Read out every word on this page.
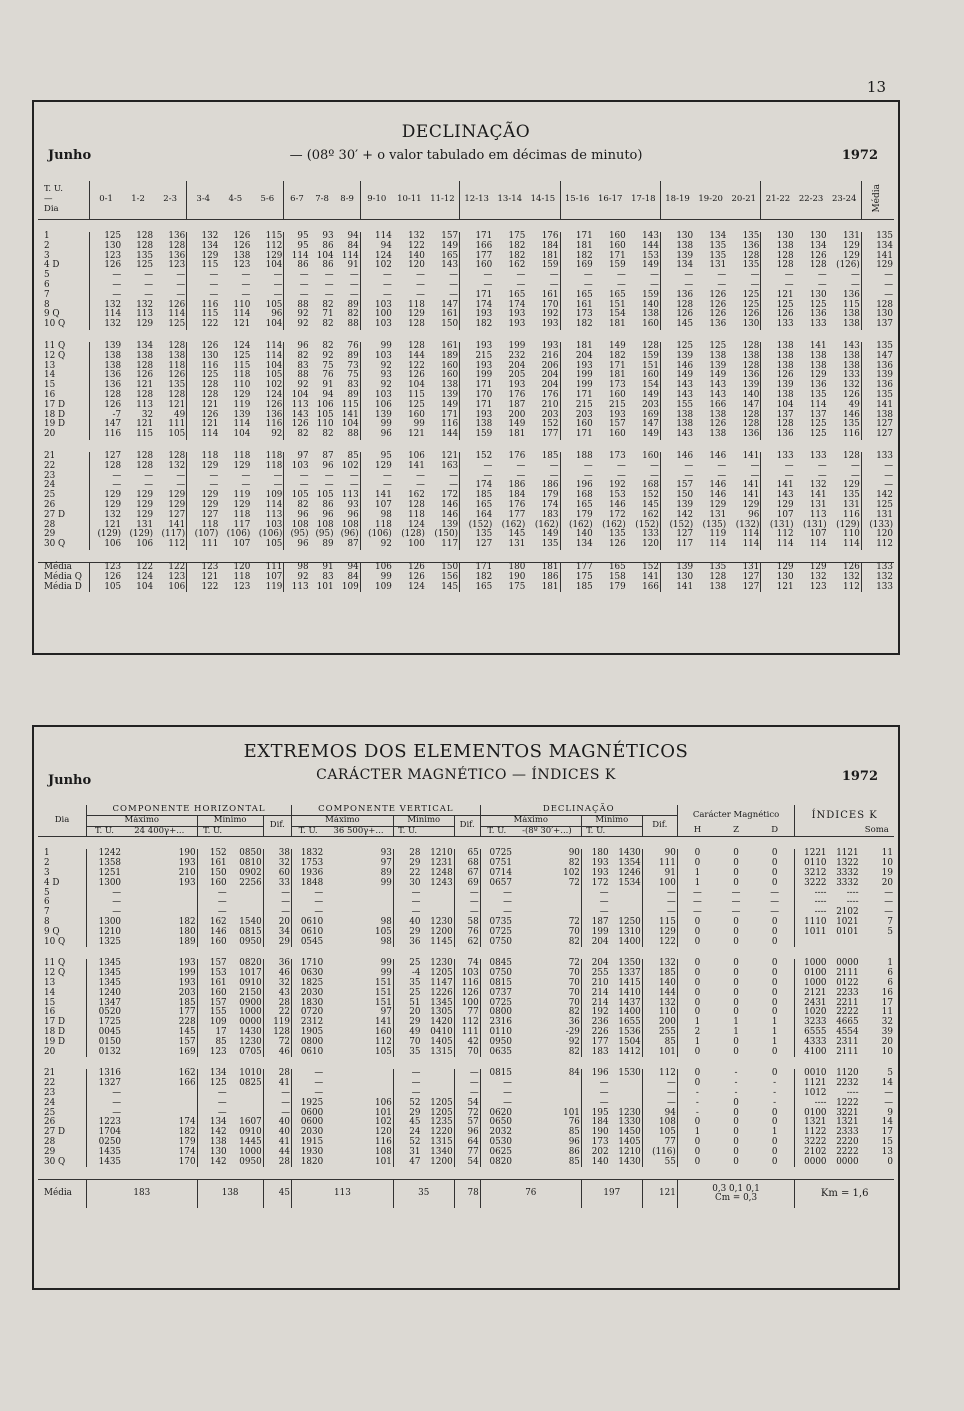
13
DECLINAÇÃO
Junho	— (08º 30′ + o valor tabulado em décimas de minuto)	1972
T. U.
—
Dia	0-1	1-2	2-3	3-4	4-5	5-6	6-7	7-8	8-9	9-10	10-11	11-12	12-13	13-14	14-15	15-16	16-17	17-18	18-19	19-20	20-21	21-22	22-23	23-24	Média

1	125	128	136	132	126	115	95	93	94	114	132	157	171	175	176	171	160	143	130	134	135	130	130	131	135
2	130	128	128	134	126	112	95	86	84	94	122	149	166	182	184	181	160	144	138	135	136	138	134	129	134
3	123	135	136	129	138	129	114	104	114	124	140	165	177	182	181	182	171	153	139	135	128	128	126	129	141
4 D	126	125	123	115	123	104	86	86	91	102	120	143	160	162	159	169	159	149	134	131	135	128	128	(126)	129
5	—	—	—	—	—	—	—	—	—	—	—	—	—	—	—	—	—	—	—	—	—	—	—	—	—
6	—	—	—	—	—	—	—	—	—	—	—	—	—	—	—	—	—	—	—	—	—	—	—	—	—
7	—	—	—	—	—	—	—	—	—	—	—	—	171	165	161	165	165	159	136	126	125	121	130	136	—
8	132	132	126	116	110	105	88	82	89	103	118	147	174	174	170	161	151	140	128	126	125	125	125	115	128
9 Q	114	113	114	115	114	96	92	71	82	100	129	161	193	193	192	173	154	138	126	126	126	126	136	138	130
10 Q	132	129	125	122	121	104	92	82	88	103	128	150	182	193	193	182	181	160	145	136	130	133	133	138	137

11 Q	139	134	128	126	124	114	96	82	76	99	128	161	193	199	193	181	149	128	125	125	128	138	141	143	135
12 Q	138	138	138	130	125	114	82	92	89	103	144	189	215	232	216	204	182	159	139	138	138	138	138	138	147
13	138	128	118	116	115	104	83	75	73	92	122	160	193	204	206	193	171	151	146	139	128	138	138	138	136
14	136	126	126	125	118	105	88	76	75	93	126	160	199	205	204	199	181	160	149	149	136	126	129	133	139
15	136	121	135	128	110	102	92	91	83	92	104	138	171	193	204	199	173	154	143	143	139	139	136	132	136
16	128	128	128	128	129	124	104	94	89	103	115	139	170	176	176	171	160	149	143	143	140	138	135	126	135
17 D	126	113	121	121	119	126	113	106	115	106	125	149	171	187	210	215	215	203	155	166	147	104	114	49	141
18 D	-7	32	49	126	139	136	143	105	141	139	160	171	193	200	203	203	193	169	138	138	128	137	137	146	138
19 D	147	121	111	121	114	116	126	110	104	99	99	116	138	149	152	160	157	147	138	126	128	128	125	135	127
20	116	115	105	114	104	92	82	82	88	96	121	144	159	181	177	171	160	149	143	138	136	136	125	116	127

21	127	128	128	118	118	118	97	87	85	95	106	121	152	176	185	188	173	160	146	146	141	133	133	128	133
22	128	128	132	129	129	118	103	96	102	129	141	163	—	—	—	—	—	—	—	—	—	—	—	—	—
23	—	—	—	—	—	—	—	—	—	—	—	—	—	—	—	—	—	—	—	—	—	—	—	—	—
24	—	—	—	—	—	—	—	—	—	—	—	—	174	186	186	196	192	168	157	146	141	141	132	129	—
25	129	129	129	129	119	109	105	105	113	141	162	172	185	184	179	168	153	152	150	146	141	143	141	135	142
26	129	129	129	129	129	114	82	86	93	107	128	146	165	176	174	165	146	145	139	129	129	129	131	131	125
27 D	132	129	127	127	118	113	96	96	96	98	118	146	164	177	183	179	172	162	142	131	96	107	113	116	131
28	121	131	141	118	117	103	108	108	108	118	124	139	(152)	(162)	(162)	(162)	(162)	(152)	(152)	(135)	(132)	(131)	(131)	(129)	(133)
29	(129)	(129)	(117)	(107)	(106)	(106)	(95)	(95)	(96)	(106)	(128)	(150)	135	145	149	140	135	133	127	119	114	112	107	110	120
30 Q	106	106	112	111	107	105	96	89	87	92	100	117	127	131	135	134	126	120	117	114	114	114	114	114	112

Média	123	122	122	123	120	111	98	91	94	106	126	150	171	180	181	177	165	152	139	135	131	129	129	126	133
Média Q	126	124	123	121	118	107	92	83	84	99	126	156	182	190	186	175	158	141	130	128	127	130	132	132	132
Média D	105	104	106	122	123	119	113	101	109	109	124	145	165	175	181	185	179	166	141	138	127	121	123	112	133
EXTREMOS DOS ELEMENTOS MAGNÉTICOS
CARÁCTER MAGNÉTICO — ÍNDICES K
Junho	1972
Dia	COMPONENTE HORIZONTAL					COMPONENTE VERTICAL					DECLINAÇÃO					Carácter Magnético			ÍNDICES K		
	Máximo		Mínimo		Dif.	Máximo		Mínimo		Dif.	Máximo		Mínimo		Dif.						
	T. U.	24 400γ+...	T. U.			T. U.	36 500γ+...	T. U.			T. U.	-(8º 30′+...)	T. U.			H	Z	D			Soma

1	1242	190	152	0850	38	1832	93	28	1210	65	0725	90	180	1430	90	0	0	0	1221	1121	11
2	1358	193	161	0810	32	1753	97	29	1231	68	0751	82	193	1354	111	0	0	0	0110	1322	10
3	1251	210	150	0902	60	1936	89	22	1248	67	0714	102	193	1246	91	1	0	0	3212	3332	19
4 D	1300	193	160	2256	33	1848	99	30	1243	69	0657	72	172	1534	100	1	0	0	3222	3332	20
5	—		—		—	—		—		—	—		—		—	—	—	—	----	----	—
6	—		—		—	—		—		—	—		—		—	—	—	—	----	----	—
7	—		—		—	—		—		—	—		—		—	—	—	—	----	2102	—
8	1300	182	162	1540	20	0610	98	40	1230	58	0735	72	187	1250	115	0	0	0	1110	1021	7
9 Q	1210	180	146	0815	34	0610	105	29	1200	76	0725	70	199	1310	129	0	0	0	1011	0101	5
10 Q	1325	189	160	0950	29	0545	98	36	1145	62	0750	82	204	1400	122	0	0	0			

11 Q	1345	193	157	0820	36	1710	99	25	1230	74	0845	72	204	1350	132	0	0	0	1000	0000	1
12 Q	1345	199	153	1017	46	0630	99	-4	1205	103	0750	70	255	1337	185	0	0	0	0100	2111	6
13	1345	193	161	0910	32	1825	151	35	1147	116	0815	70	210	1415	140	0	0	0	1000	0122	6
14	1240	203	160	2150	43	2030	151	25	1226	126	0737	70	214	1410	144	0	0	0	2121	2233	16
15	1347	185	157	0900	28	1830	151	51	1345	100	0725	70	214	1437	132	0	0	0	2431	2211	17
16	0520	177	155	1000	22	0720	97	20	1305	77	0800	82	192	1400	110	0	0	0	1020	2222	11
17 D	1725	228	109	0000	119	2312	141	29	1420	112	2316	36	236	1655	200	1	1	1	3233	4665	32
18 D	0045	145	17	1430	128	1905	160	49	0410	111	0110	-29	226	1536	255	2	1	1	6555	4554	39
19 D	0150	157	85	1230	72	0800	112	70	1405	42	0950	92	177	1504	85	1	0	1	4333	2311	20
20	0132	169	123	0705	46	0610	105	35	1315	70	0635	82	183	1412	101	0	0	0	4100	2111	10

21	1316	162	134	1010	28	—		—		—	0815	84	196	1530	112	0	-	0	0010	1120	5
22	1327	166	125	0825	41	—		—		—	—		—		—	0	-	-	1121	2232	14
23	—		—		—	—		—		—	—		—		—	-	-	-	1012	----	—
24	—		—		—	1925	106	52	1205	54	—		—		—	-	0	-	----	1222	—
25	—		—		—	0600	101	29	1205	72	0620	101	195	1230	94	-	0	0	0100	3221	9
26	1223	174	134	1607	40	0600	102	45	1235	57	0650	76	184	1330	108	0	0	0	1321	1321	14
27 D	1704	182	142	0910	40	2030	120	24	1220	96	2032	85	190	1450	105	1	0	1	1122	2333	17
28	0250	179	138	1445	41	1915	116	52	1315	64	0530	96	173	1405	77	0	0	0	3222	2220	15
29	1435	174	130	1000	44	1930	108	31	1340	77	0625	86	202	1210	(116)	0	0	0	2102	2222	13
30 Q	1435	170	142	0950	28	1820	101	47	1200	54	0820	85	140	1430	55	0	0	0	0000	0000	0

Média	183		138		45	113		35		78	76		197		121	0,3 0,1 0,1
Cm = 0,3			Km = 1,6		
